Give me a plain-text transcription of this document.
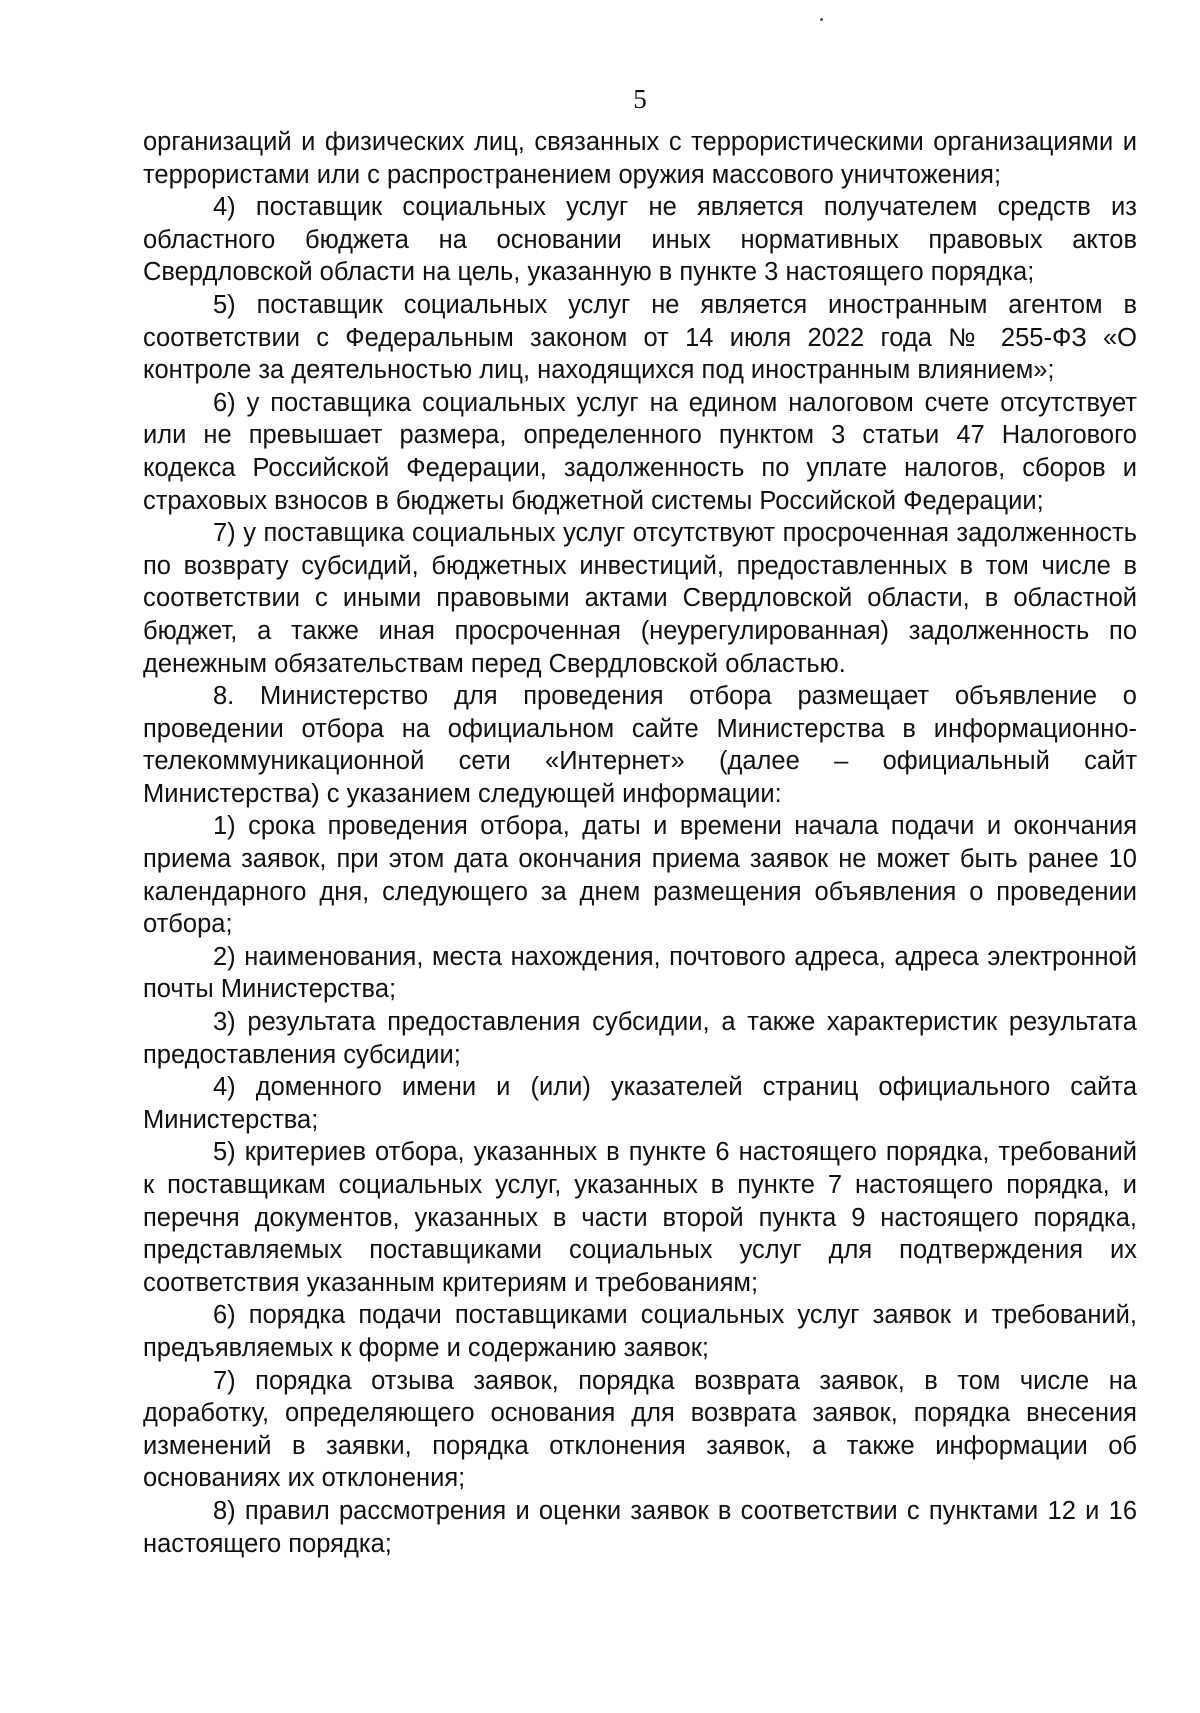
5

организаций и физических лиц, связанных с террористическими организациями и террористами или с распространением оружия массового уничтожения;

4) поставщик социальных услуг не является получателем средств из областного бюджета на основании иных нормативных правовых актов Свердловской области на цель, указанную в пункте 3 настоящего порядка;

5) поставщик социальных услуг не является иностранным агентом в соответствии с Федеральным законом от 14 июля 2022 года № 255-ФЗ «О контроле за деятельностью лиц, находящихся под иностранным влиянием»;

6) у поставщика социальных услуг на едином налоговом счете отсутствует или не превышает размера, определенного пунктом 3 статьи 47 Налогового кодекса Российской Федерации, задолженность по уплате налогов, сборов и страховых взносов в бюджеты бюджетной системы Российской Федерации;

7) у поставщика социальных услуг отсутствуют просроченная задолженность по возврату субсидий, бюджетных инвестиций, предоставленных в том числе в соответствии с иными правовыми актами Свердловской области, в областной бюджет, а также иная просроченная (неурегулированная) задолженность по денежным обязательствам перед Свердловской областью.

8. Министерство для проведения отбора размещает объявление о проведении отбора на официальном сайте Министерства в информационно-телекоммуникационной сети «Интернет» (далее – официальный сайт Министерства) с указанием следующей информации:

1) срока проведения отбора, даты и времени начала подачи и окончания приема заявок, при этом дата окончания приема заявок не может быть ранее 10 календарного дня, следующего за днем размещения объявления о проведении отбора;

2) наименования, места нахождения, почтового адреса, адреса электронной почты Министерства;

3) результата предоставления субсидии, а также характеристик результата предоставления субсидии;

4) доменного имени и (или) указателей страниц официального сайта Министерства;

5) критериев отбора, указанных в пункте 6 настоящего порядка, требований к поставщикам социальных услуг, указанных в пункте 7 настоящего порядка, и перечня документов, указанных в части второй пункта 9 настоящего порядка, представляемых поставщиками социальных услуг для подтверждения их соответствия указанным критериям и требованиям;

6) порядка подачи поставщиками социальных услуг заявок и требований, предъявляемых к форме и содержанию заявок;

7) порядка отзыва заявок, порядка возврата заявок, в том числе на доработку, определяющего основания для возврата заявок, порядка внесения изменений в заявки, порядка отклонения заявок, а также информации об основаниях их отклонения;

8) правил рассмотрения и оценки заявок в соответствии с пунктами 12 и 16 настоящего порядка;
